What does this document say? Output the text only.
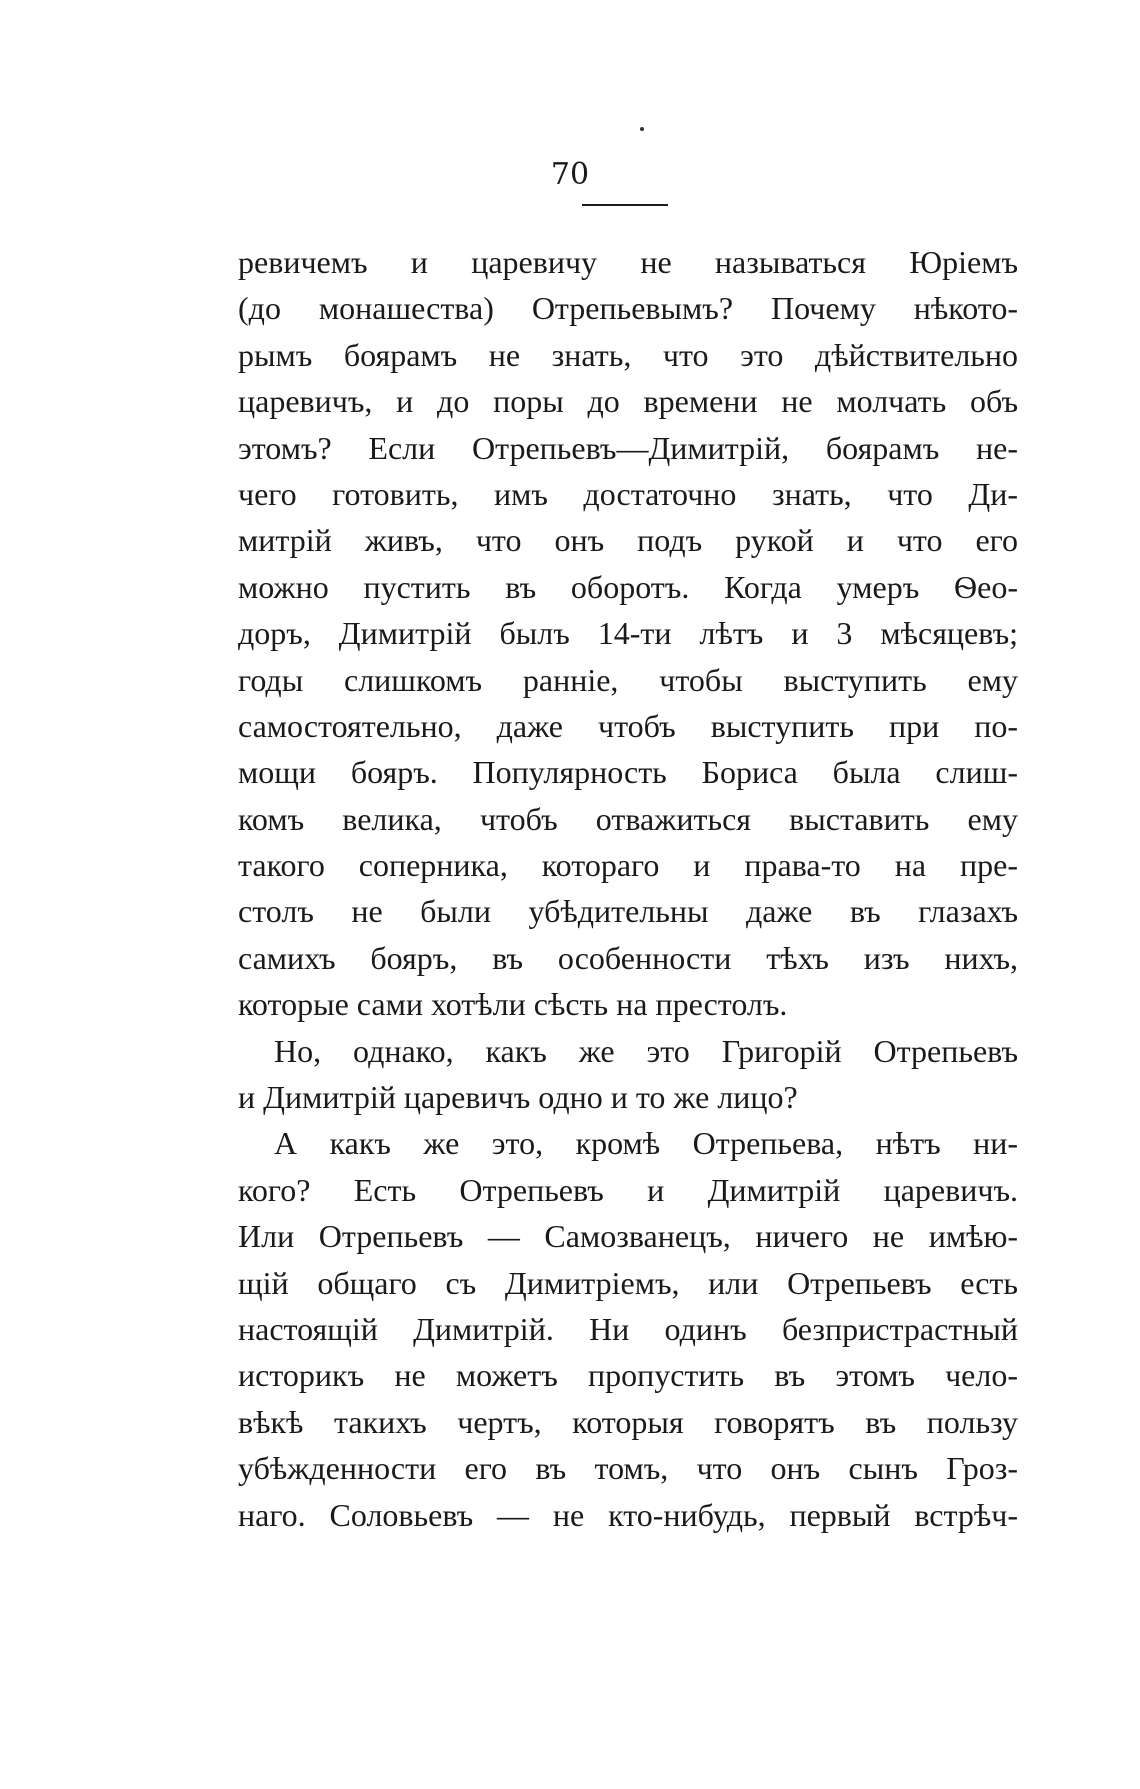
70
ревичемъ и царевичу не называться Юріемъ
(до монашества) Отрепьевымъ? Почему нѣкото-
рымъ боярамъ не знать, что это дѣйствительно
царевичъ, и до поры до времени не молчать объ
этомъ? Если Отрепьевъ—Димитрій, боярамъ не-
чего готовить, имъ достаточно знать, что Ди-
митрій живъ, что онъ подъ рукой и что его
можно пустить въ оборотъ. Когда умеръ Ѳео-
доръ, Димитрій былъ 14-ти лѣтъ и 3 мѣсяцевъ;
годы слишкомъ ранніе, чтобы выступить ему
самостоятельно, даже чтобъ выступить при по-
мощи бояръ. Популярность Бориса была слиш-
комъ велика, чтобъ отважиться выставить ему
такого соперника, котораго и права-то на пре-
столъ не были убѣдительны даже въ глазахъ
самихъ бояръ, въ особенности тѣхъ изъ нихъ,
которые сами хотѣли сѣсть на престолъ.
Но, однако, какъ же это Григорій Отрепьевъ
и Димитрій царевичъ одно и то же лицо?
А какъ же это, кромѣ Отрепьева, нѣтъ ни-
кого? Есть Отрепьевъ и Димитрій царевичъ.
Или Отрепьевъ — Самозванецъ, ничего не имѣю-
щій общаго съ Димитріемъ, или Отрепьевъ есть
настоящій Димитрій. Ни одинъ безпристрастный
историкъ не можетъ пропустить въ этомъ чело-
вѣкѣ такихъ чертъ, которыя говорятъ въ пользу
убѣжденности его въ томъ, что онъ сынъ Гроз-
наго. Соловьевъ — не кто-нибудь, первый встрѣч-
